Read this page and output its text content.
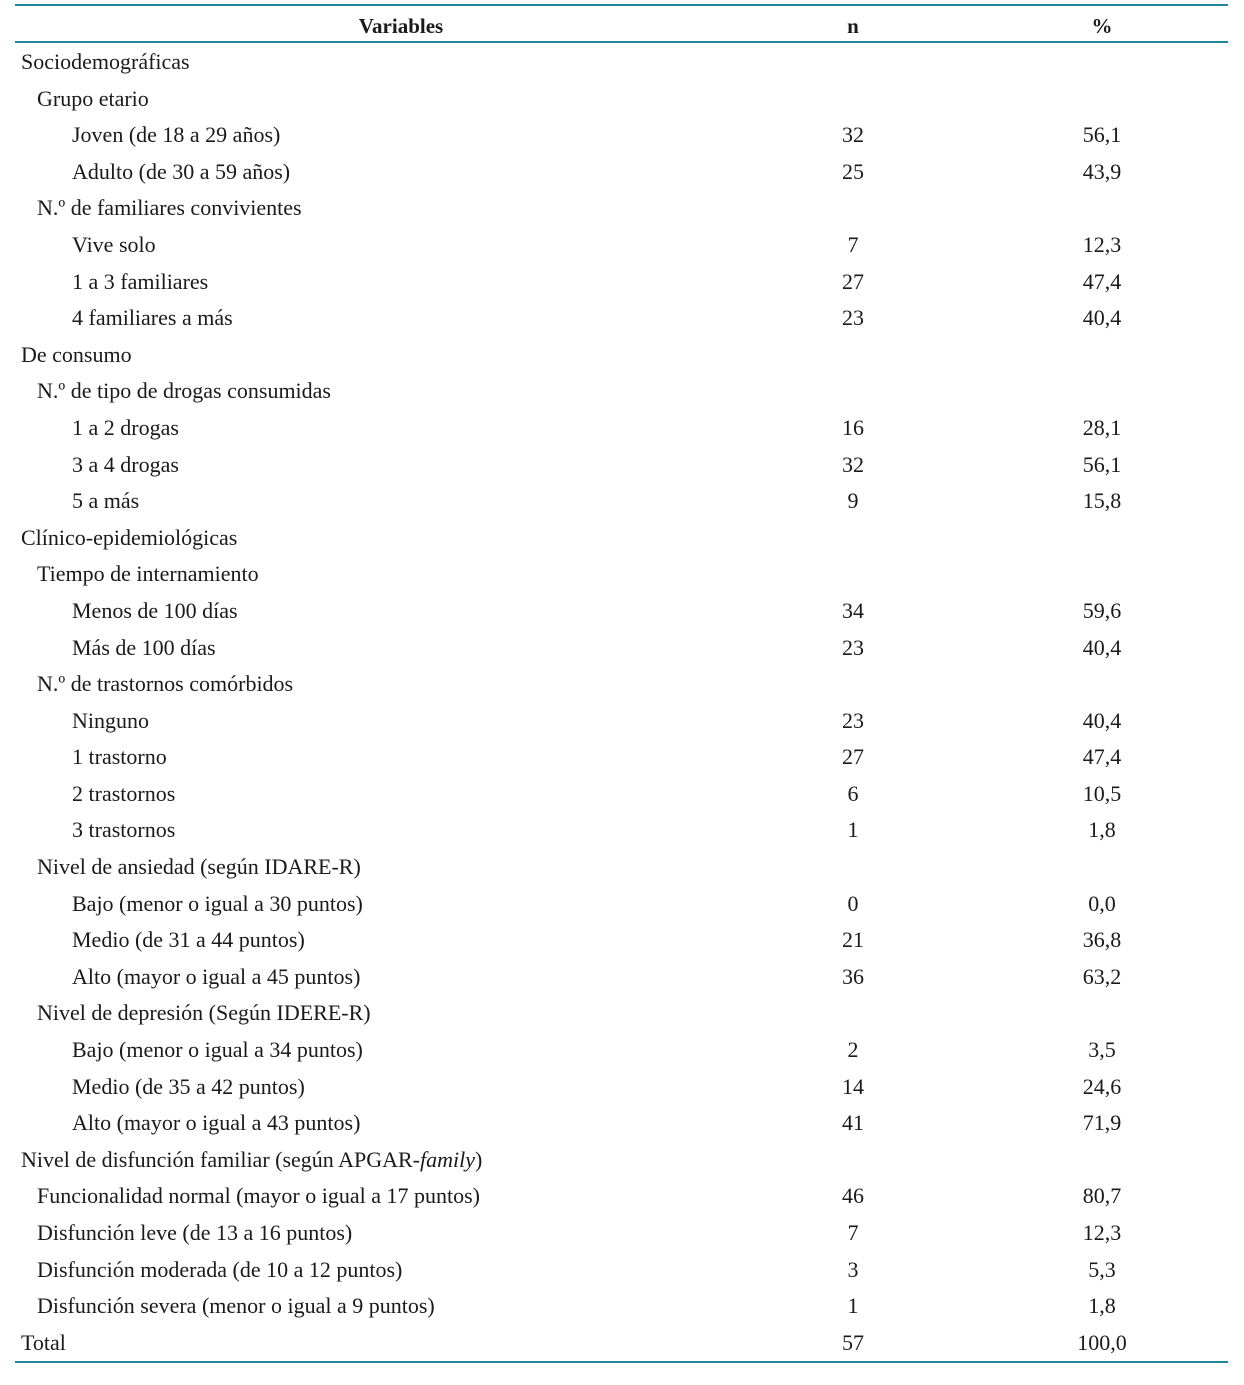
Variables	n	%
Sociodemográficas
Grupo etario
Joven (de 18 a 29 años)	32	56,1
Adulto (de 30 a 59 años)	25	43,9
N.º de familiares convivientes
Vive solo	7	12,3
1 a 3 familiares	27	47,4
4 familiares a más	23	40,4
De consumo
N.º de tipo de drogas consumidas
1 a 2 drogas	16	28,1
3 a 4 drogas	32	56,1
5 a más	9	15,8
Clínico-epidemiológicas
Tiempo de internamiento
Menos de 100 días	34	59,6
Más de 100 días	23	40,4
N.º de trastornos comórbidos
Ninguno	23	40,4
1 trastorno	27	47,4
2 trastornos	6	10,5
3 trastornos	1	1,8
Nivel de ansiedad (según IDARE-R)
Bajo (menor o igual a 30 puntos)	0	0,0
Medio (de 31 a 44 puntos)	21	36,8
Alto (mayor o igual a 45 puntos)	36	63,2
Nivel de depresión (Según IDERE-R)
Bajo (menor o igual a 34 puntos)	2	3,5
Medio (de 35 a 42 puntos)	14	24,6
Alto (mayor o igual a 43 puntos)	41	71,9
Nivel de disfunción familiar (según APGAR-family)
Funcionalidad normal (mayor o igual a 17 puntos)	46	80,7
Disfunción leve (de 13 a 16 puntos)	7	12,3
Disfunción moderada (de 10 a 12 puntos)	3	5,3
Disfunción severa (menor o igual a 9 puntos)	1	1,8
Total	57	100,0
